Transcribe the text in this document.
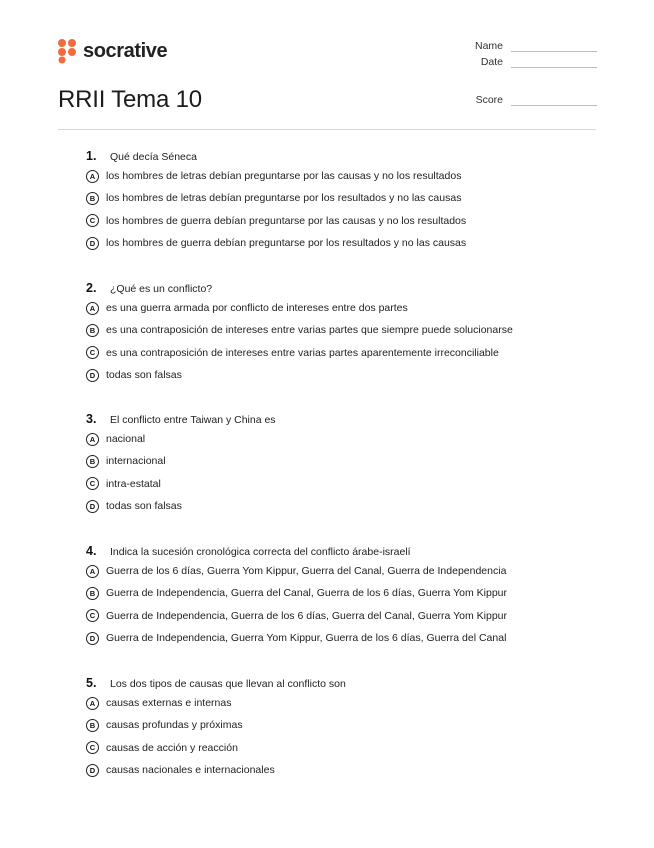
socrative	Name
Date
RRII Tema 10	Score
1.	Qué decía Séneca
A	los hombres de letras debían preguntarse por las causas y no los resultados
B	los hombres de letras debían preguntarse por los resultados y no las causas
C	los hombres de guerra debían preguntarse por las causas y no los resultados
D	los hombres de guerra debían preguntarse por los resultados y no las causas
2.	¿Qué es un conflicto?
A	es una guerra armada por conflicto de intereses entre dos partes
B	es una contraposición de intereses entre varias partes que siempre puede solucionarse
C	es una contraposición de intereses entre varias partes aparentemente irreconciliable
D	todas son falsas
3.	El conflicto entre Taiwan y China es
A	nacional
B	internacional
C	intra-estatal
D	todas son falsas
4.	Indica la sucesión cronológica correcta del conflicto árabe-israelí
A	Guerra de los 6 días, Guerra Yom Kippur, Guerra del Canal, Guerra de Independencia
B	Guerra de Independencia, Guerra del Canal, Guerra de los 6 días, Guerra Yom Kippur
C	Guerra de Independencia, Guerra de los 6 días, Guerra del Canal, Guerra Yom Kippur
D	Guerra de Independencia, Guerra Yom Kippur, Guerra de los 6 días, Guerra del Canal
5.	Los dos tipos de causas que llevan al conflicto son
A	causas externas e internas
B	causas profundas y próximas
C	causas de acción y reacción
D	causas nacionales e internacionales
